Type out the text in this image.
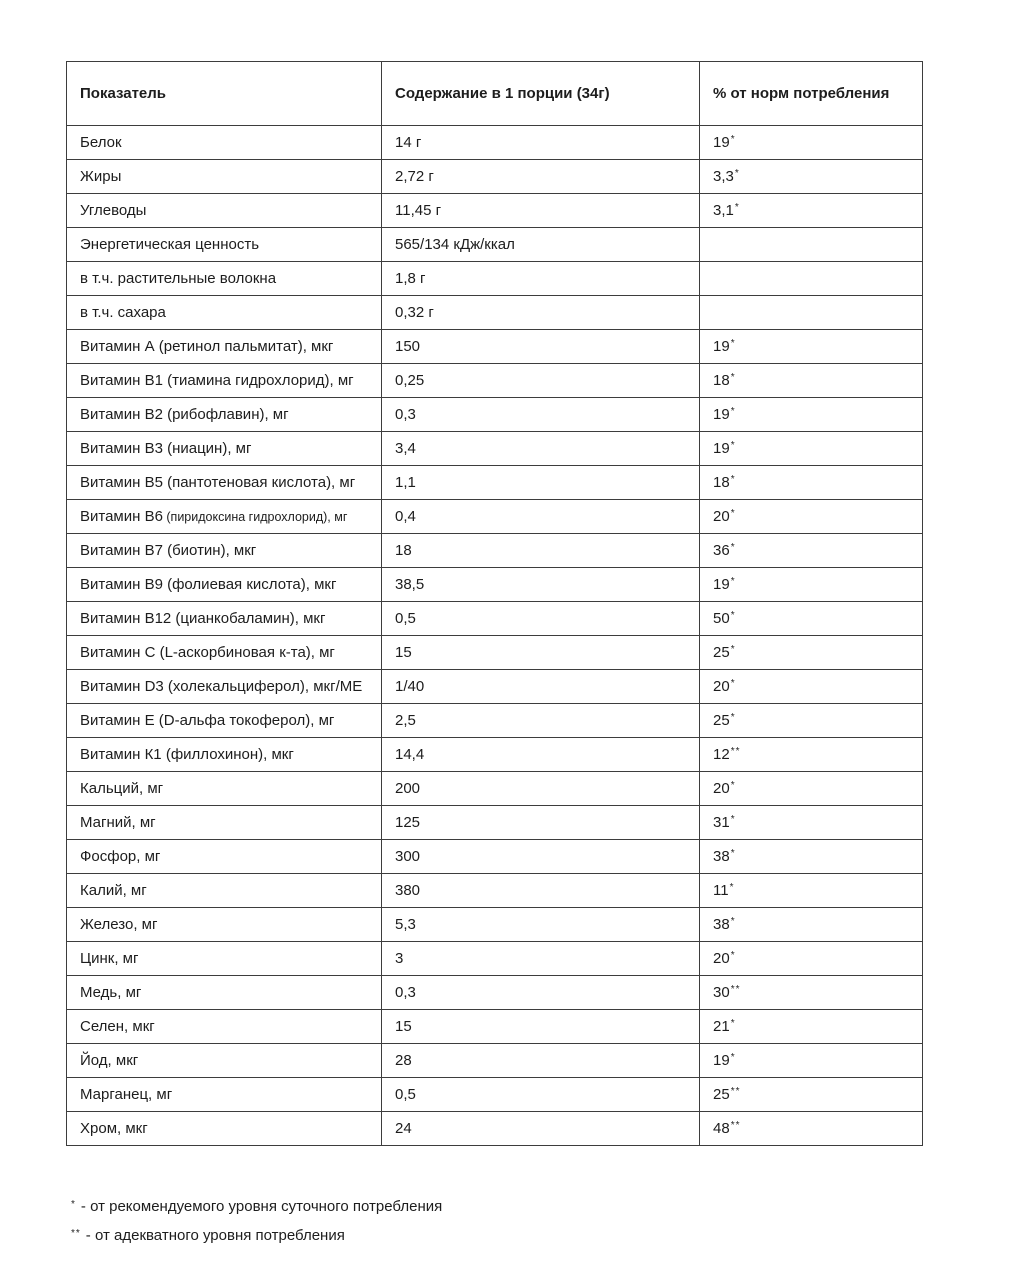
Показатель	Содержание в 1 порции (34г)	% от норм потребления
Белок	14 г	19*
Жиры	2,72 г	3,3*
Углеводы	11,45 г	3,1*
Энергетическая ценность	565/134 кДж/ккал	
в т.ч. растительные волокна	1,8 г	
в т.ч. сахара	0,32 г	
Витамин А (ретинол пальмитат), мкг	150	19*
Витамин В1 (тиамина гидрохлорид), мг	0,25	18*
Витамин В2 (рибофлавин), мг	0,3	19*
Витамин В3 (ниацин), мг	3,4	19*
Витамин В5 (пантотеновая кислота), мг	1,1	18*
Витамин В6 (пиридоксина гидрохлорид), мг	0,4	20*
Витамин В7 (биотин), мкг	18	36*
Витамин В9 (фолиевая кислота), мкг	38,5	19*
Витамин В12 (цианкобаламин), мкг	0,5	50*
Витамин С (L-аскорбиновая к-та), мг	15	25*
Витамин D3 (холекальциферол), мкг/МЕ	1/40	20*
Витамин Е (D-альфа токоферол), мг	2,5	25*
Витамин К1 (филлохинон), мкг	14,4	12**
Кальций, мг	200	20*
Магний, мг	125	31*
Фосфор, мг	300	38*
Калий, мг	380	11*
Железо, мг	5,3	38*
Цинк, мг	3	20*
Медь, мг	0,3	30**
Селен, мкг	15	21*
Йод, мкг	28	19*
Марганец, мг	0,5	25**
Хром, мкг	24	48**
* - от рекомендуемого уровня суточного потребления
** - от адекватного уровня потребления
